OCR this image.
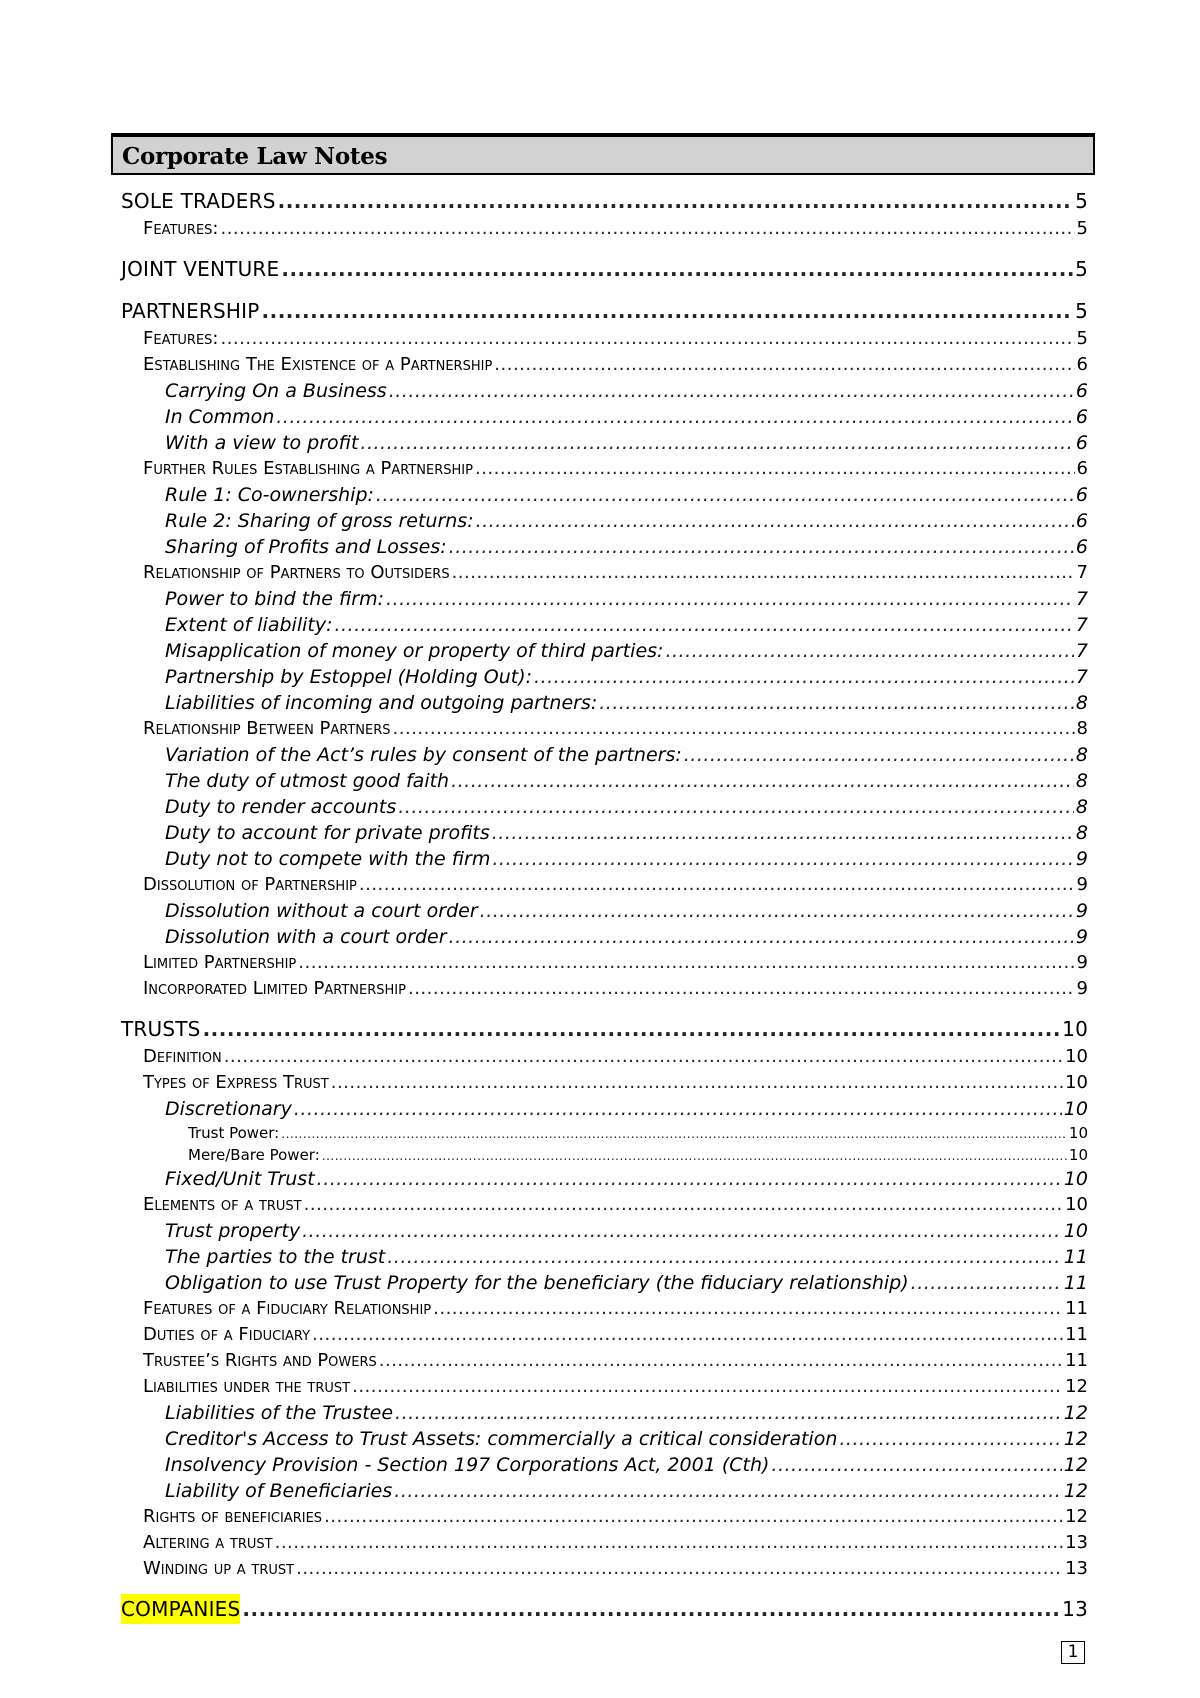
Corporate Law Notes
SOLE TRADERS .....	5
Features: .....	5
JOINT VENTURE .....	5
PARTNERSHIP .....	5
Features: .....	5
Establishing The Existence of a Partnership .....	6
Carrying On a Business .....	6
In Common .....	6
With a view to profit .....	6
Further Rules Establishing a Partnership .....	6
Rule 1: Co-ownership: .....	6
Rule 2: Sharing of gross returns: .....	6
Sharing of Profits and Losses: .....	6
Relationship of Partners to Outsiders .....	7
Power to bind the firm: .....	7
Extent of liability: .....	7
Misapplication of money or property of third parties: .....	7
Partnership by Estoppel (Holding Out): .....	7
Liabilities of incoming and outgoing partners: .....	8
Relationship Between Partners .....	8
Variation of the Act’s rules by consent of the partners: .....	8
The duty of utmost good faith .....	8
Duty to render accounts .....	8
Duty to account for private profits .....	8
Duty not to compete with the firm .....	9
Dissolution of Partnership .....	9
Dissolution without a court order .....	9
Dissolution with a court order .....	9
Limited Partnership .....	9
Incorporated Limited Partnership .....	9
TRUSTS .....	10
Definition .....	10
Types of Express Trust .....	10
Discretionary .....	10
Trust Power: .....	10
Mere/Bare Power: .....	10
Fixed/Unit Trust .....	10
Elements of a trust .....	10
Trust property .....	10
The parties to the trust .....	11
Obligation to use Trust Property for the beneficiary (the fiduciary relationship) .....	11
Features of a Fiduciary Relationship .....	11
Duties of a Fiduciary .....	11
Trustee’s Rights and Powers .....	11
Liabilities under the trust .....	12
Liabilities of the Trustee .....	12
Creditor's Access to Trust Assets: commercially a critical consideration .....	12
Insolvency Provision - Section 197 Corporations Act, 2001 (Cth) .....	12
Liability of Beneficiaries .....	12
Rights of beneficiaries .....	12
Altering a trust .....	13
Winding up a trust .....	13
COMPANIES .....	13
1
